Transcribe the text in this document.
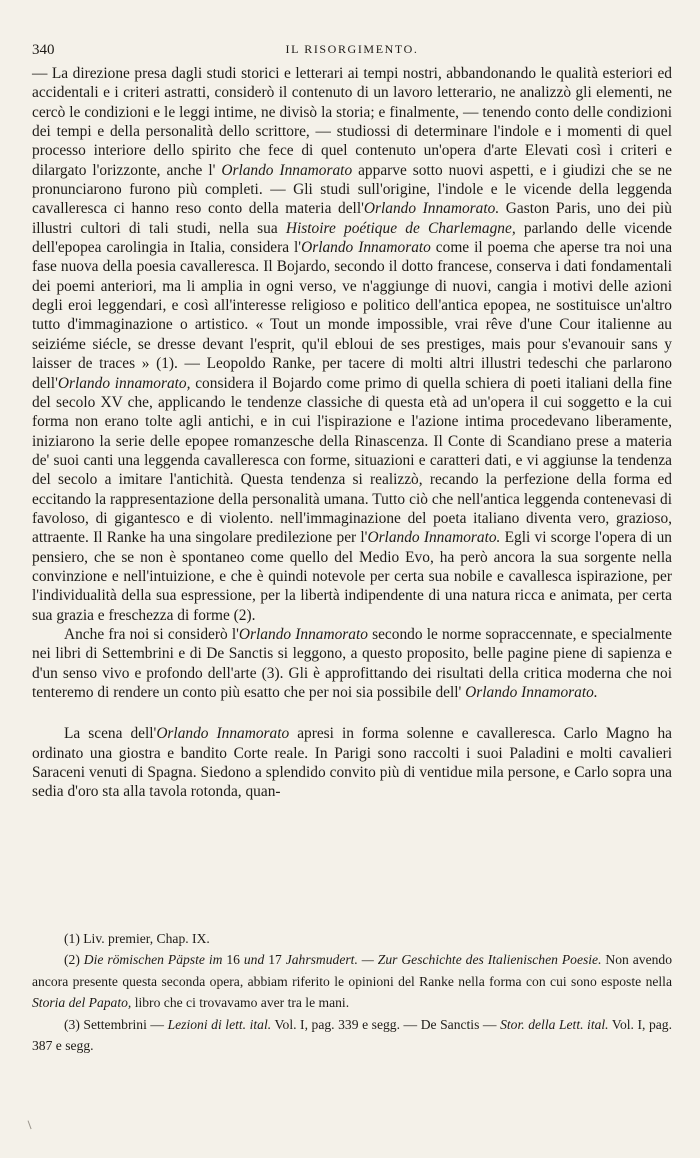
340	IL RISORGIMENTO.

— La direzione presa dagli studi storici e letterari ai tempi nostri, abbandonando le qualità esteriori ed accidentali e i criteri astratti, considerò il contenuto di un lavoro letterario, ne analizzò gli elementi, ne cercò le condizioni e le leggi intime, ne divisò la storia; e finalmente, — tenendo conto delle condizioni dei tempi e della personalità dello scrittore, — studiossi di determinare l'indole e i momenti di quel processo interiore dello spirito che fece di quel contenuto un'opera d'arte Elevati così i criteri e dilargato l'orizzonte, anche l' Orlando Innamorato apparve sotto nuovi aspetti, e i giudizi che se ne pronunciarono furono più completi. — Gli studi sull'origine, l'indole e le vicende della leggenda cavalleresca ci hanno reso conto della materia dell'Orlando Innamorato. Gaston Paris, uno dei più illustri cultori di tali studi, nella sua Histoire poétique de Charlemagne, parlando delle vicende dell'epopea carolingia in Italia, considera l'Orlando Innamorato come il poema che aperse tra noi una fase nuova della poesia cavalleresca. Il Bojardo, secondo il dotto francese, conserva i dati fondamentali dei poemi anteriori, ma li amplia in ogni verso, ve n'aggiunge di nuovi, cangia i motivi delle azioni degli eroi leggendari, e così all'interesse religioso e politico dell'antica epopea, ne sostituisce un'altro tutto d'immaginazione o artistico. « Tout un monde impossible, vrai rêve d'une Cour italienne au seiziéme siécle, se dresse devant l'esprit, qu'il ebloui de ses prestiges, mais pour s'evanouir sans y laisser de traces » (1). — Leopoldo Ranke, per tacere di molti altri illustri tedeschi che parlarono dell'Orlando innamorato, considera il Bojardo come primo di quella schiera di poeti italiani della fine del secolo XV che, applicando le tendenze classiche di questa età ad un'opera il cui soggetto e la cui forma non erano tolte agli antichi, e in cui l'ispirazione e l'azione intima procedevano liberamente, iniziarono la serie delle epopee romanzesche della Rinascenza. Il Conte di Scandiano prese a materia de' suoi canti una leggenda cavalleresca con forme, situazioni e caratteri dati, e vi aggiunse la tendenza del secolo a imitare l'antichità. Questa tendenza si realizzò, recando la perfezione della forma ed eccitando la rappresentazione della personalità umana. Tutto ciò che nell'antica leggenda contenevasi di favoloso, di gigantesco e di violento. nell'immaginazione del poeta italiano diventa vero, grazioso, attraente. Il Ranke ha una singolare predilezione per l'Orlando Innamorato. Egli vi scorge l'opera di un pensiero, che se non è spontaneo come quello del Medio Evo, ha però ancora la sua sorgente nella convinzione e nell'intuizione, e che è quindi notevole per certa sua nobile e cavallesca ispirazione, per l'individualità della sua espressione, per la libertà indipendente di una natura ricca e animata, per certa sua grazia e freschezza di forme (2).

Anche fra noi si considerò l'Orlando Innamorato secondo le norme sopraccennate, e specialmente nei libri di Settembrini e di De Sanctis si leggono, a questo proposito, belle pagine piene di sapienza e d'un senso vivo e profondo dell'arte (3). Gli è approfittando dei risultati della critica moderna che noi tenteremo di rendere un conto più esatto che per noi sia possibile dell' Orlando Innamorato.

La scena dell'Orlando Innamorato apresi in forma solenne e cavalleresca. Carlo Magno ha ordinato una giostra e bandito Corte reale. In Parigi sono raccolti i suoi Paladini e molti cavalieri Saraceni venuti di Spagna. Siedono a splendido convito più di ventidue mila persone, e Carlo sopra una sedia d'oro sta alla tavola rotonda, quan-

(1) Liv. premier, Chap. IX.

(2) Die römischen Päpste im 16 und 17 Jahrsmudert. — Zur Geschichte des Italienischen Poesie. Non avendo ancora presente questa seconda opera, abbiam riferito le opinioni del Ranke nella forma con cui sono esposte nella Storia del Papato, libro che ci trovavamo aver tra le mani.

(3) Settembrini — Lezioni di lett. ital. Vol. I, pag. 339 e segg. — De Sanctis — Stor. della Lett. ital. Vol. I, pag. 387 e segg.
